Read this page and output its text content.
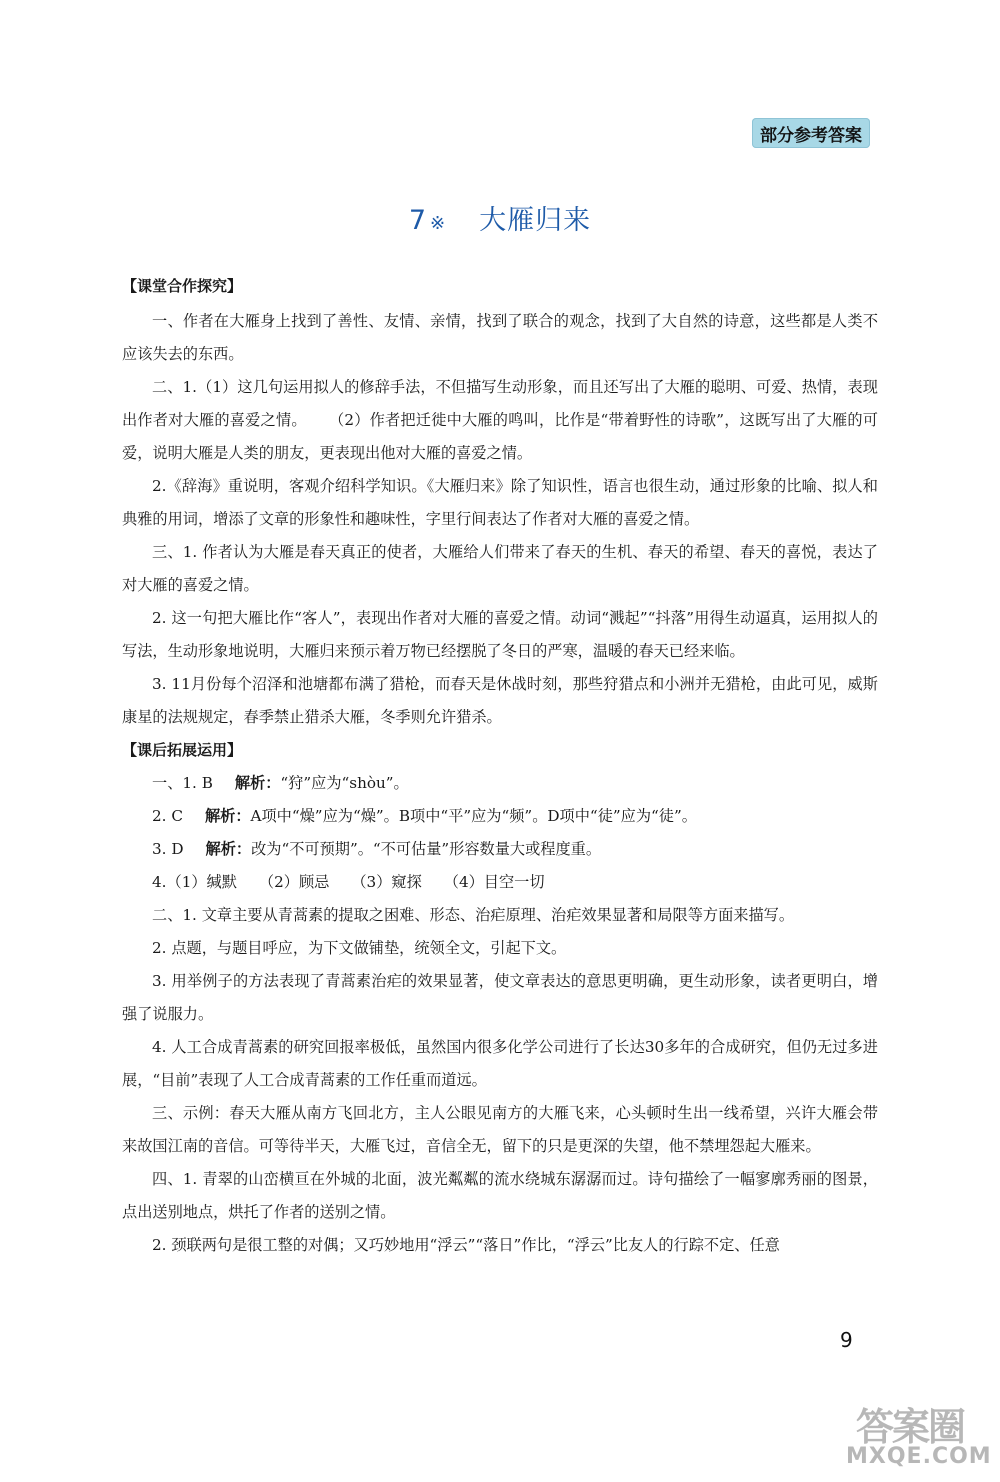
部分参考答案
7 ※ 大雁归来
【课堂合作探究】

一、作者在大雁身上找到了善性、友情、亲情，找到了联合的观念，找到了大自然的诗意，这些都是人类不应该失去的东西。

二、1.（1）这几句运用拟人的修辞手法，不但描写生动形象，而且还写出了大雁的聪明、可爱、热情，表现出作者对大雁的喜爱之情。 （2）作者把迁徙中大雁的鸣叫，比作是“带着野性的诗歌”，这既写出了大雁的可爱，说明大雁是人类的朋友，更表现出他对大雁的喜爱之情。

2.《辞海》重说明，客观介绍科学知识。《大雁归来》除了知识性，语言也很生动，通过形象的比喻、拟人和典雅的用词，增添了文章的形象性和趣味性，字里行间表达了作者对大雁的喜爱之情。

三、1. 作者认为大雁是春天真正的使者，大雁给人们带来了春天的生机、春天的希望、春天的喜悦，表达了对大雁的喜爱之情。

2. 这一句把大雁比作“客人”，表现出作者对大雁的喜爱之情。动词“溅起”“抖落”用得生动逼真，运用拟人的写法，生动形象地说明，大雁归来预示着万物已经摆脱了冬日的严寒，温暖的春天已经来临。

3. 11月份每个沼泽和池塘都布满了猎枪，而春天是休战时刻，那些狩猎点和小洲并无猎枪，由此可见，威斯康星的法规规定，春季禁止猎杀大雁，冬季则允许猎杀。

【课后拓展运用】

一、1. B 解析：“狩”应为“shòu”。

2. C 解析：A项中“燥”应为“燥”。B项中“平”应为“频”。D项中“徒”应为“徒”。

3. D 解析：改为“不可预期”。“不可估量”形容数量大或程度重。

4.（1）缄默 （2）顾忌 （3）窥探 （4）目空一切

二、1. 文章主要从青蒿素的提取之困难、形态、治疟原理、治疟效果显著和局限等方面来描写。

2. 点题，与题目呼应，为下文做铺垫，统领全文，引起下文。

3. 用举例子的方法表现了青蒿素治疟的效果显著，使文章表达的意思更明确，更生动形象，读者更明白，增强了说服力。

4. 人工合成青蒿素的研究回报率极低，虽然国内很多化学公司进行了长达30多年的合成研究，但仍无过多进展，“目前”表现了人工合成青蒿素的工作任重而道远。

三、示例：春天大雁从南方飞回北方，主人公眼见南方的大雁飞来，心头顿时生出一线希望，兴许大雁会带来故国江南的音信。可等待半天，大雁飞过，音信全无，留下的只是更深的失望，他不禁埋怨起大雁来。

四、1. 青翠的山峦横亘在外城的北面，波光粼粼的流水绕城东潺潺而过。诗句描绘了一幅寥廓秀丽的图景，点出送别地点，烘托了作者的送别之情。

2. 颈联两句是很工整的对偶；又巧妙地用“浮云”“落日”作比，“浮云”比友人的行踪不定、任意

9
答案圈
MXQE.COM
